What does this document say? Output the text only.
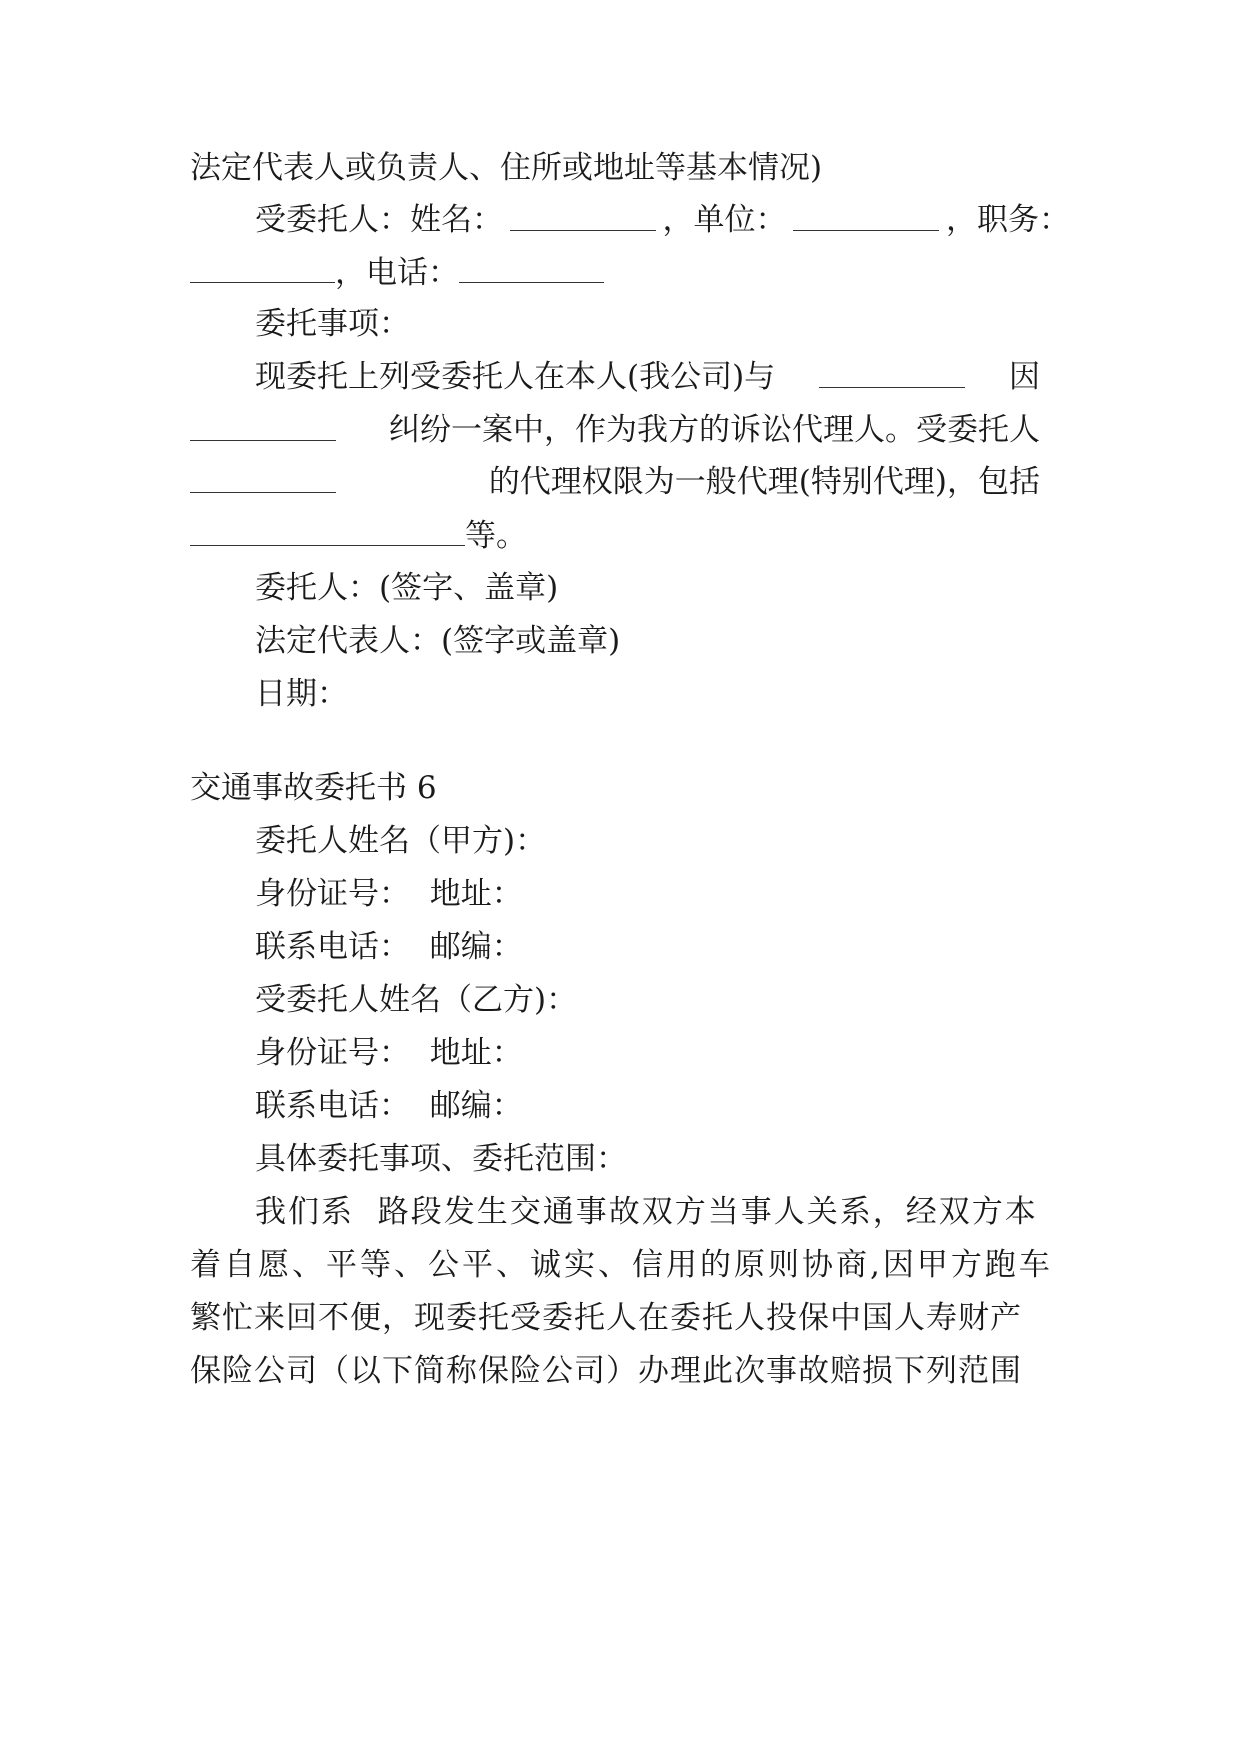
法定代表人或负责人、住所或地址等基本情况)
受委托人：姓名：	，单位：	，职务：
，电话：
委托事项：
现委托上列受委托人在本人(我公司)与	因
纠纷一案中，作为我方的诉讼代理人。受委托人
的代理权限为一般代理(特别代理)，包括
等。
委托人：(签字、盖章)
法定代表人：(签字或盖章)
日期：
交通事故委托书 6
委托人姓名（甲方)：
身份证号：  地址：
联系电话：  邮编：
受委托人姓名（乙方)：
身份证号：  地址：
联系电话：  邮编：
具体委托事项、委托范围：
我们系  路段发生交通事故双方当事人关系，经双方本
着自愿、平等、公平、诚实、信用的原则协商,因甲方跑车
繁忙来回不便，现委托受委托人在委托人投保中国人寿财产
保险公司（以下简称保险公司）办理此次事故赔损下列范围
